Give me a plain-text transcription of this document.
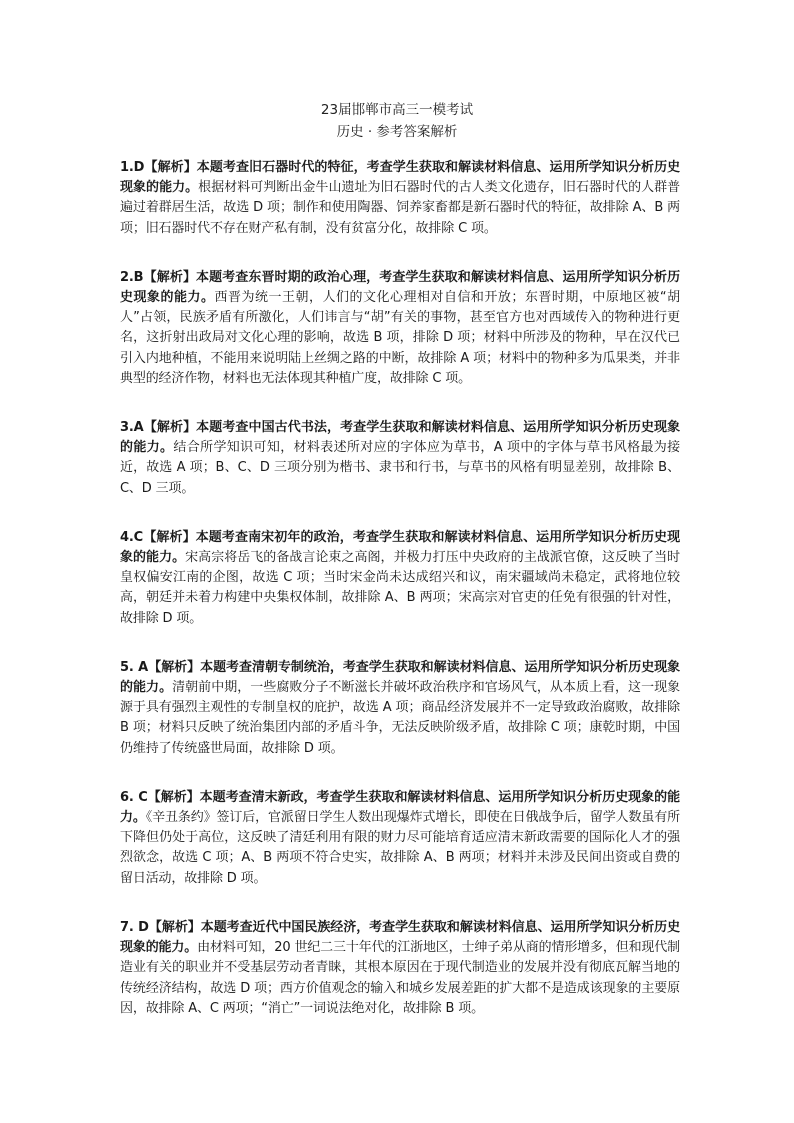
23届邯郸市高三一模考试
历史 · 参考答案解析

1.D【解析】本题考查旧石器时代的特征，考查学生获取和解读材料信息、运用所学知识分析历史现象的能力。根据材料可判断出金牛山遗址为旧石器时代的古人类文化遗存，旧石器时代的人群普遍过着群居生活，故选 D 项；制作和使用陶器、饲养家畜都是新石器时代的特征，故排除 A、B 两项；旧石器时代不存在财产私有制，没有贫富分化，故排除 C 项。

2.B【解析】本题考查东晋时期的政治心理，考查学生获取和解读材料信息、运用所学知识分析历史现象的能力。西晋为统一王朝，人们的文化心理相对自信和开放；东晋时期，中原地区被“胡人”占领，民族矛盾有所激化，人们讳言与“胡”有关的事物，甚至官方也对西域传入的物种进行更名，这折射出政局对文化心理的影响，故选 B 项，排除 D 项；材料中所涉及的物种，早在汉代已引入内地种植，不能用来说明陆上丝绸之路的中断，故排除 A 项；材料中的物种多为瓜果类，并非典型的经济作物，材料也无法体现其种植广度，故排除 C 项。

3.A【解析】本题考查中国古代书法，考查学生获取和解读材料信息、运用所学知识分析历史现象的能力。结合所学知识可知，材料表述所对应的字体应为草书，A 项中的字体与草书风格最为接近，故选 A 项；B、C、D 三项分别为楷书、隶书和行书，与草书的风格有明显差别，故排除 B、C、D 三项。

4.C【解析】本题考查南宋初年的政治，考查学生获取和解读材料信息、运用所学知识分析历史现象的能力。宋高宗将岳飞的备战言论束之高阁，并极力打压中央政府的主战派官僚，这反映了当时皇权偏安江南的企图，故选 C 项；当时宋金尚未达成绍兴和议，南宋疆域尚未稳定，武将地位较高，朝廷并未着力构建中央集权体制，故排除 A、B 两项；宋高宗对官吏的任免有很强的针对性，故排除 D 项。

5. A【解析】本题考查清朝专制统治，考查学生获取和解读材料信息、运用所学知识分析历史现象的能力。清朝前中期，一些腐败分子不断滋长并破坏政治秩序和官场风气，从本质上看，这一现象源于具有强烈主观性的专制皇权的庇护，故选 A 项；商品经济发展并不一定导致政治腐败，故排除 B 项；材料只反映了统治集团内部的矛盾斗争，无法反映阶级矛盾，故排除 C 项；康乾时期，中国仍维持了传统盛世局面，故排除 D 项。

6. C【解析】本题考查清末新政，考查学生获取和解读材料信息、运用所学知识分析历史现象的能力。《辛丑条约》签订后，官派留日学生人数出现爆炸式增长，即使在日俄战争后，留学人数虽有所下降但仍处于高位，这反映了清廷利用有限的财力尽可能培育适应清末新政需要的国际化人才的强烈欲念，故选 C 项；A、B 两项不符合史实，故排除 A、B 两项；材料并未涉及民间出资或自费的留日活动，故排除 D 项。

7. D【解析】本题考查近代中国民族经济，考查学生获取和解读材料信息、运用所学知识分析历史现象的能力。由材料可知，20 世纪二三十年代的江浙地区，士绅子弟从商的情形增多，但和现代制造业有关的职业并不受基层劳动者青睐，其根本原因在于现代制造业的发展并没有彻底瓦解当地的传统经济结构，故选 D 项；西方价值观念的输入和城乡发展差距的扩大都不是造成该现象的主要原因，故排除 A、C 两项；“消亡”一词说法绝对化，故排除 B 项。
